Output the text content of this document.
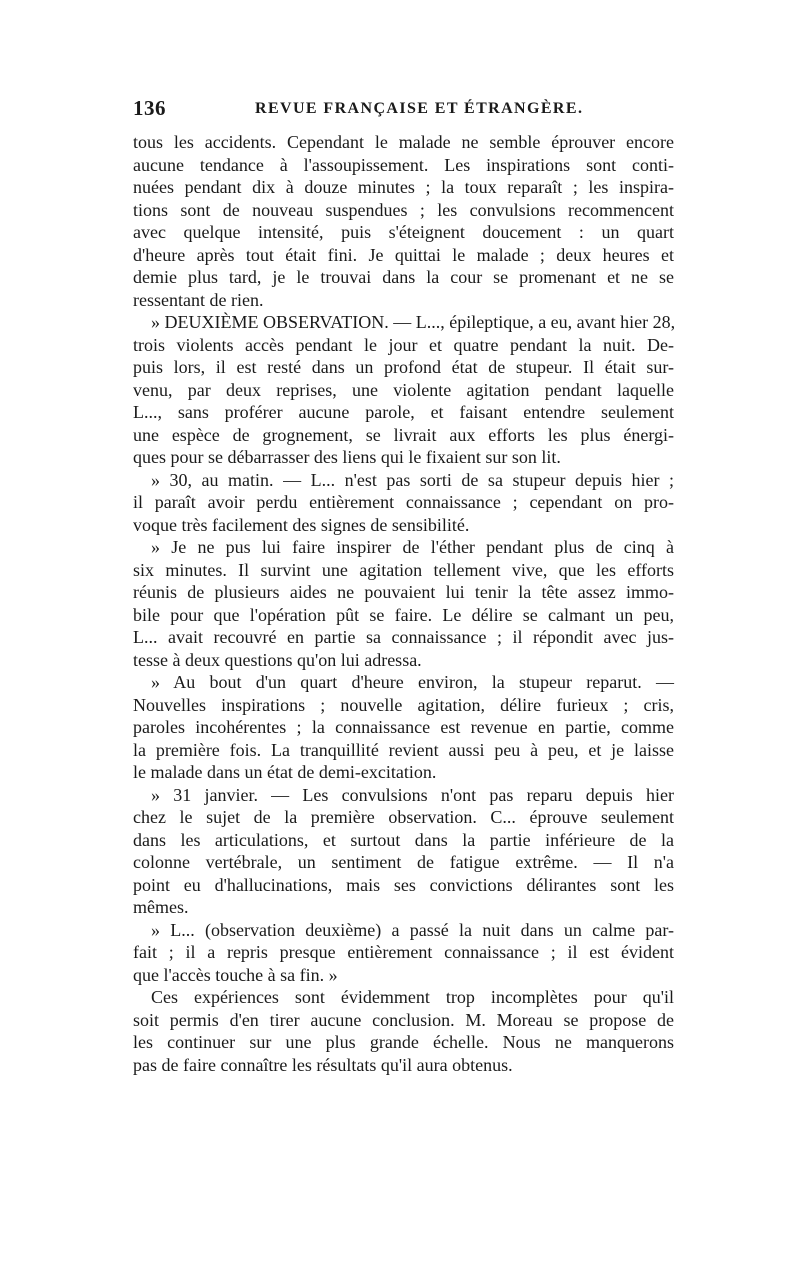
136	REVUE FRANÇAISE ET ÉTRANGÈRE.
tous les accidents. Cependant le malade ne semble éprouver encore
aucune tendance à l'assoupissement. Les inspirations sont conti-
nuées pendant dix à douze minutes ; la toux reparaît ; les inspira-
tions sont de nouveau suspendues ; les convulsions recommencent
avec quelque intensité, puis s'éteignent doucement : un quart
d'heure après tout était fini. Je quittai le malade ; deux heures et
demie plus tard, je le trouvai dans la cour se promenant et ne se
ressentant de rien.
» DEUXIÈME OBSERVATION. — L..., épileptique, a eu, avant hier 28,
trois violents accès pendant le jour et quatre pendant la nuit. De-
puis lors, il est resté dans un profond état de stupeur. Il était sur-
venu, par deux reprises, une violente agitation pendant laquelle
L..., sans proférer aucune parole, et faisant entendre seulement
une espèce de grognement, se livrait aux efforts les plus énergi-
ques pour se débarrasser des liens qui le fixaient sur son lit.
» 30, au matin. — L... n'est pas sorti de sa stupeur depuis hier ;
il paraît avoir perdu entièrement connaissance ; cependant on pro-
voque très facilement des signes de sensibilité.
» Je ne pus lui faire inspirer de l'éther pendant plus de cinq à
six minutes. Il survint une agitation tellement vive, que les efforts
réunis de plusieurs aides ne pouvaient lui tenir la tête assez immo-
bile pour que l'opération pût se faire. Le délire se calmant un peu,
L... avait recouvré en partie sa connaissance ; il répondit avec jus-
tesse à deux questions qu'on lui adressa.
» Au bout d'un quart d'heure environ, la stupeur reparut. —
Nouvelles inspirations ; nouvelle agitation, délire furieux ; cris,
paroles incohérentes ; la connaissance est revenue en partie, comme
la première fois. La tranquillité revient aussi peu à peu, et je laisse
le malade dans un état de demi-excitation.
» 31 janvier. — Les convulsions n'ont pas reparu depuis hier
chez le sujet de la première observation. C... éprouve seulement
dans les articulations, et surtout dans la partie inférieure de la
colonne vertébrale, un sentiment de fatigue extrême. — Il n'a
point eu d'hallucinations, mais ses convictions délirantes sont les
mêmes.
» L... (observation deuxième) a passé la nuit dans un calme par-
fait ; il a repris presque entièrement connaissance ; il est évident
que l'accès touche à sa fin. »
Ces expériences sont évidemment trop incomplètes pour qu'il
soit permis d'en tirer aucune conclusion. M. Moreau se propose de
les continuer sur une plus grande échelle. Nous ne manquerons
pas de faire connaître les résultats qu'il aura obtenus.
